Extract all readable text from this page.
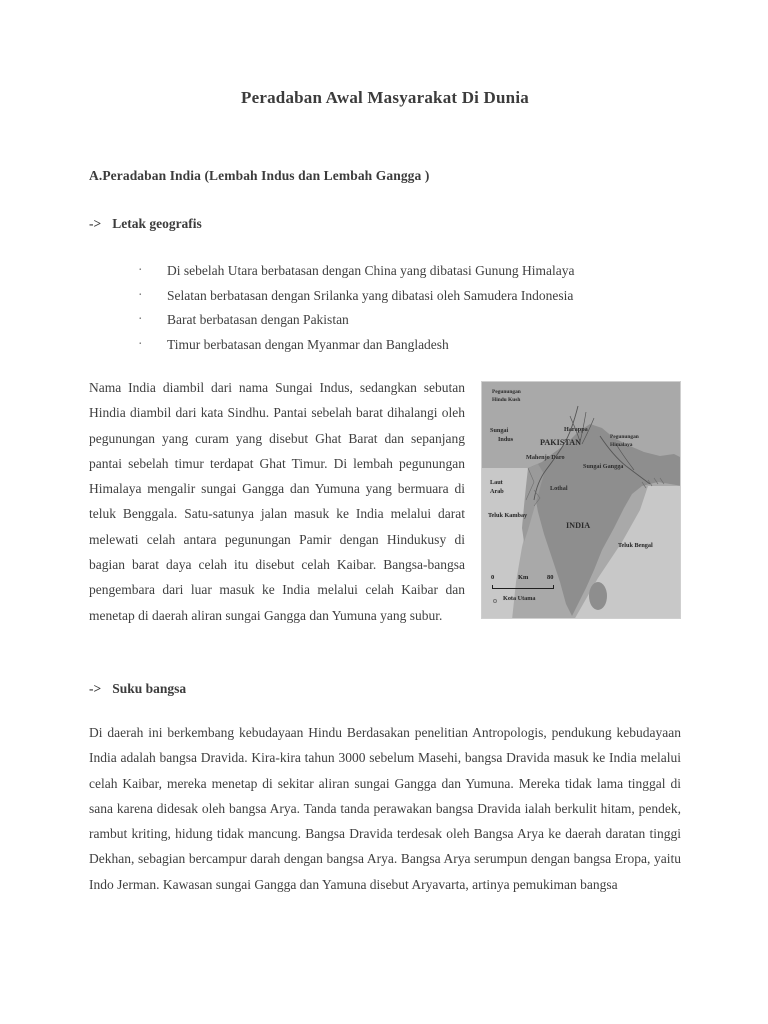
Peradaban Awal Masyarakat Di Dunia
A.Peradaban India (Lembah Indus dan Lembah Gangga )
-> Letak geografis
· Di sebelah Utara berbatasan dengan China yang dibatasi Gunung Himalaya
· Selatan berbatasan dengan Srilanka yang dibatasi oleh Samudera Indonesia
· Barat berbatasan dengan Pakistan
· Timur berbatasan dengan Myanmar dan Bangladesh
Pegunungan
Hindu Kush
Sungai
Indus
Harappa
PAKISTAN
Pegunungan
Himalaya
Mahenjo Daro
Sungai Gangga
Laut
Arab	Lothal
Teluk Kambay
INDIA
Teluk Bengal
0	Km	80
Kota Utama

Nama India diambil dari nama Sungai Indus, sedangkan sebutan Hindia diambil dari kata Sindhu. Pantai sebelah barat dihalangi oleh pegunungan yang curam yang disebut Ghat Barat dan sepanjang pantai sebelah timur terdapat Ghat Timur. Di lembah pegunungan Himalaya mengalir sungai Gangga dan Yumuna yang bermuara di teluk Benggala. Satu-satunya jalan masuk ke India melalui darat melewati celah antara pegunungan Pamir dengan Hindukusy di bagian barat daya celah itu disebut celah Kaibar. Bangsa-bangsa pengembara dari luar masuk ke India melalui celah Kaibar dan menetap di daerah aliran sungai Gangga dan Yumuna yang subur.

-> Suku bangsa

Di daerah ini berkembang kebudayaan Hindu Berdasakan penelitian Antropologis, pendukung kebudayaan India adalah bangsa Dravida. Kira-kira tahun 3000 sebelum Masehi, bangsa Dravida masuk ke India melalui celah Kaibar, mereka menetap di sekitar aliran sungai Gangga dan Yumuna. Mereka tidak lama tinggal di sana karena didesak oleh bangsa Arya. Tanda tanda perawakan bangsa Dravida ialah berkulit hitam, pendek, rambut kriting, hidung tidak mancung. Bangsa Dravida terdesak oleh Bangsa Arya ke daerah daratan tinggi Dekhan, sebagian bercampur darah dengan bangsa Arya. Bangsa Arya serumpun dengan bangsa Eropa, yaitu Indo Jerman. Kawasan sungai Gangga dan Yamuna disebut Aryavarta, artinya pemukiman bangsa
